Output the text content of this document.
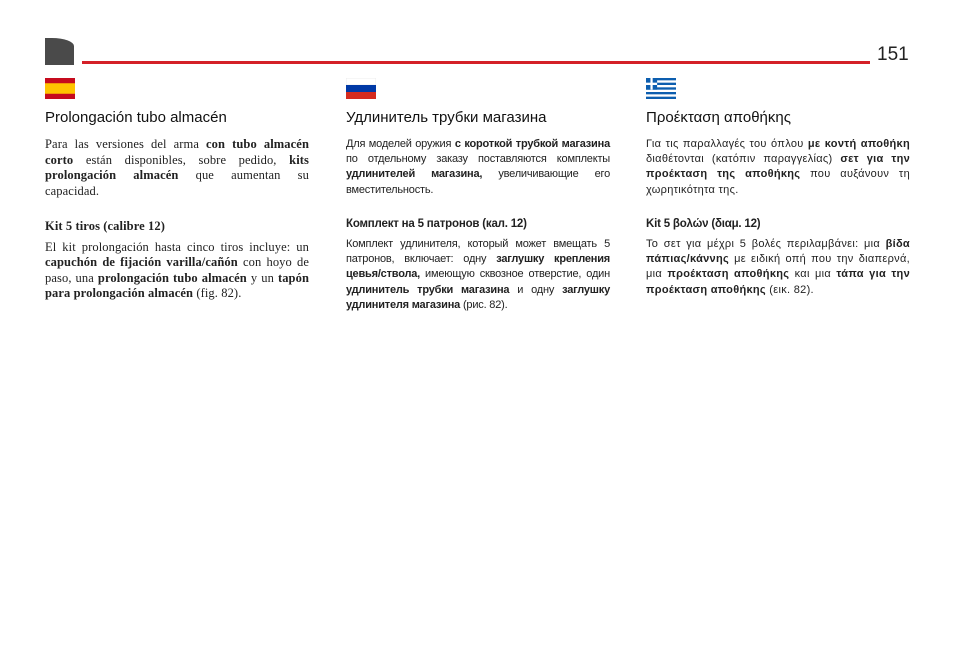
151
Prolongación tubo almacén

Para las versiones del arma con tubo almacén corto están disponibles, sobre pedido, kits prolongación almacén que aumentan su capacidad.

Kit 5 tiros (calibre 12)

El kit prolongación hasta cinco tiros incluye: un capuchón de fijación varilla/cañón con hoyo de paso, una prolongación tubo almacén y un tapón para prolongación almacén (fig. 82).

Удлинитель трубки магазина

Для моделей оружия с короткой трубкой магазина по отдельному заказу поставляются комплекты удлинителей магазина, увеличивающие его вместительность.

Комплект на 5 патронов (кал. 12)

Комплект удлинителя, который может вмещать 5 патронов, включает: одну заглушку крепления цевья/ствола, имеющую сквозное отверстие, один удлинитель трубки магазина и одну заглушку удлинителя магазина (рис. 82).

Προέκταση αποθήκης

Για τις παραλλαγές του όπλου με κοντή αποθήκη διαθέτονται (κατόπιν παραγγελίας) σετ για την προέκταση της αποθήκης που αυξάνουν τη χωρητικότητα της.

Kit 5 βολών (διαμ. 12)

Το σετ για μέχρι 5 βολές περιλαμβάνει: μια βίδα πάπιας/κάννης με ειδική οπή που την διαπερνά, μια προέκταση αποθήκης και μια τάπα για την προέκταση αποθήκης (εικ. 82).
